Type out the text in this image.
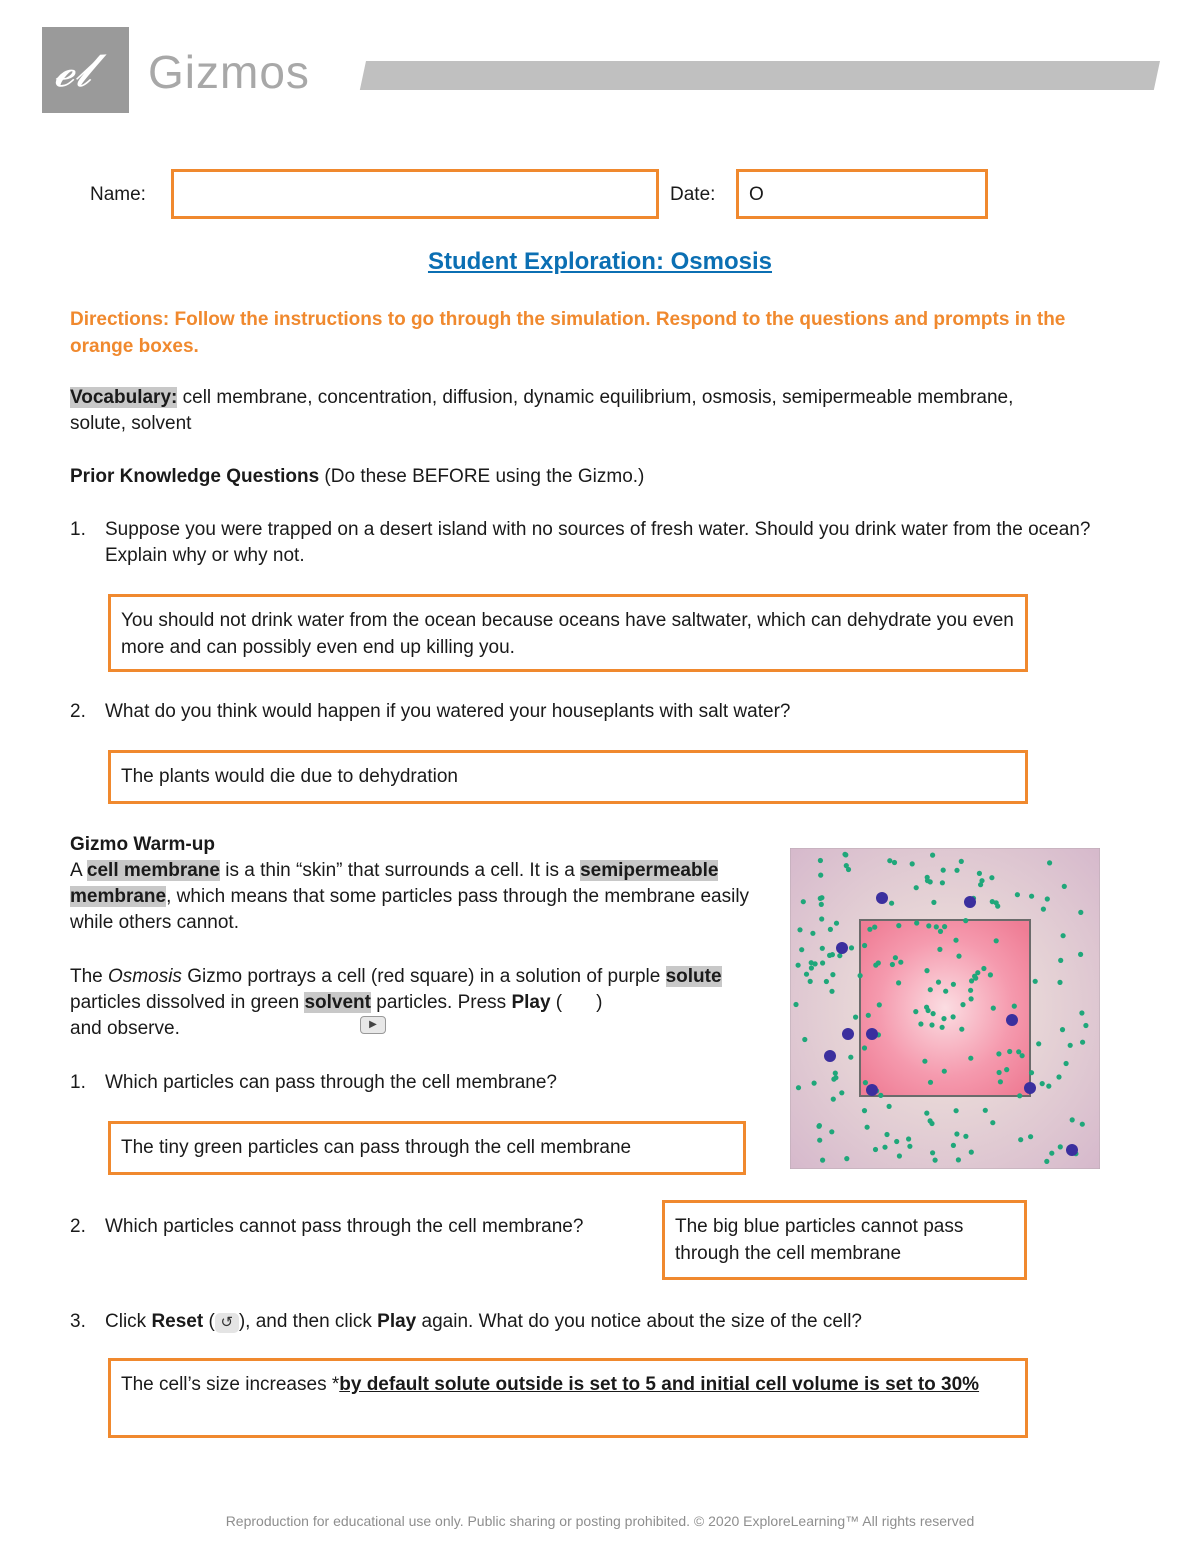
𝓮𝓵 Gizmos
Name:	Date:	O
Student Exploration: Osmosis
Directions: Follow the instructions to go through the simulation. Respond to the questions and prompts in the orange boxes.
Vocabulary: cell membrane, concentration, diffusion, dynamic equilibrium, osmosis, semipermeable membrane, solute, solvent
Prior Knowledge Questions (Do these BEFORE using the Gizmo.)
1. Suppose you were trapped on a desert island with no sources of fresh water. Should you drink water from the ocean? Explain why or why not.
You should not drink water from the ocean because oceans have saltwater, which can dehydrate you even more and can possibly even end up killing you.
2. What do you think would happen if you watered your houseplants with salt water?
The plants would die due to dehydration
Gizmo Warm-up
A cell membrane is a thin “skin” that surrounds a cell. It is a semipermeable membrane, which means that some particles pass through the membrane easily while others cannot.
The Osmosis Gizmo portrays a cell (red square) in a solution of purple solute particles dissolved in green solvent particles. Press Play ( )
and observe.	▶
1. Which particles can pass through the cell membrane?
The tiny green particles can pass through the cell membrane
2. Which particles cannot pass through the cell membrane?	The big blue particles cannot pass through the cell membrane
3. Click Reset ( ↺ ), and then click Play again. What do you notice about the size of the cell?
The cell’s size increases *by default solute outside is set to 5 and initial cell volume is set to 30%
Reproduction for educational use only. Public sharing or posting prohibited. © 2020 ExploreLearning™ All rights reserved
